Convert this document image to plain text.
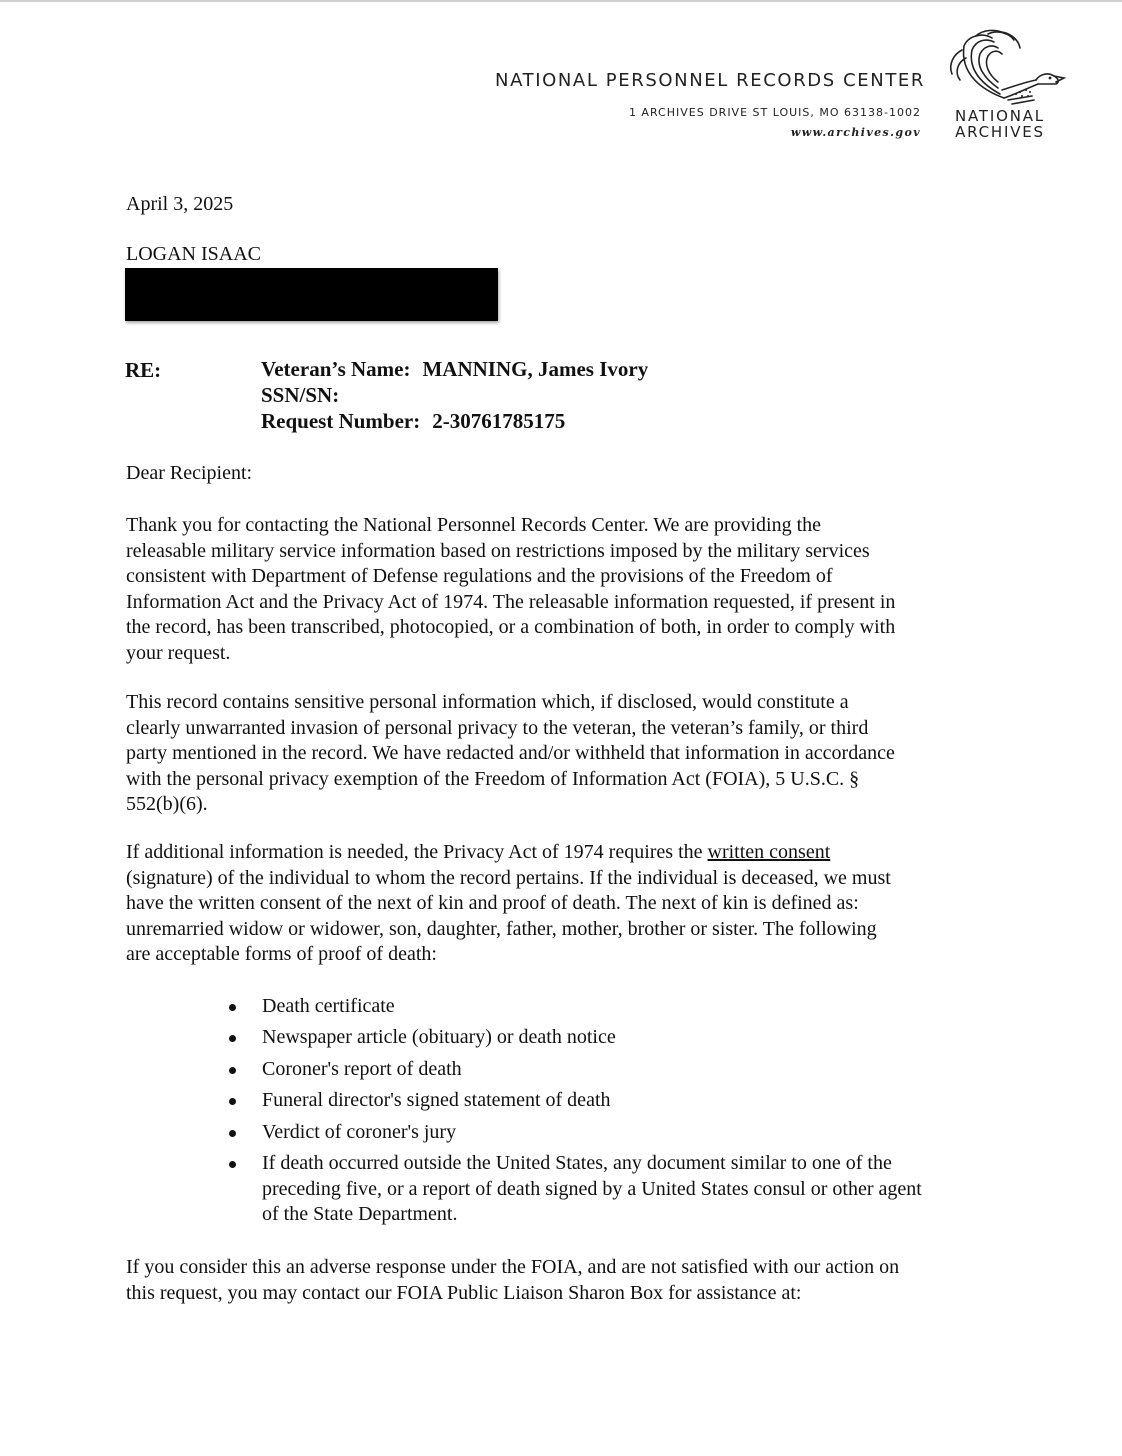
NATIONAL PERSONNEL RECORDS CENTER
1 ARCHIVES DRIVE ST LOUIS, MO 63138-1002
www.archives.gov
NATIONAL
ARCHIVES
April 3, 2025
LOGAN ISAAC
RE:	Veteran’s Name: MANNING, James Ivory
SSN/SN:
Request Number: 2-30761785175
Dear Recipient:
Thank you for contacting the National Personnel Records Center. We are providing the
releasable military service information based on restrictions imposed by the military services
consistent with Department of Defense regulations and the provisions of the Freedom of
Information Act and the Privacy Act of 1974. The releasable information requested, if present in
the record, has been transcribed, photocopied, or a combination of both, in order to comply with
your request.
This record contains sensitive personal information which, if disclosed, would constitute a
clearly unwarranted invasion of personal privacy to the veteran, the veteran’s family, or third
party mentioned in the record. We have redacted and/or withheld that information in accordance
with the personal privacy exemption of the Freedom of Information Act (FOIA), 5 U.S.C. §
552(b)(6).
If additional information is needed, the Privacy Act of 1974 requires the written consent
(signature) of the individual to whom the record pertains. If the individual is deceased, we must
have the written consent of the next of kin and proof of death. The next of kin is defined as:
unremarried widow or widower, son, daughter, father, mother, brother or sister. The following
are acceptable forms of proof of death:
Death certificate
Newspaper article (obituary) or death notice
Coroner's report of death
Funeral director's signed statement of death
Verdict of coroner's jury
If death occurred outside the United States, any document similar to one of the
preceding five, or a report of death signed by a United States consul or other agent
of the State Department.
If you consider this an adverse response under the FOIA, and are not satisfied with our action on
this request, you may contact our FOIA Public Liaison Sharon Box for assistance at:
